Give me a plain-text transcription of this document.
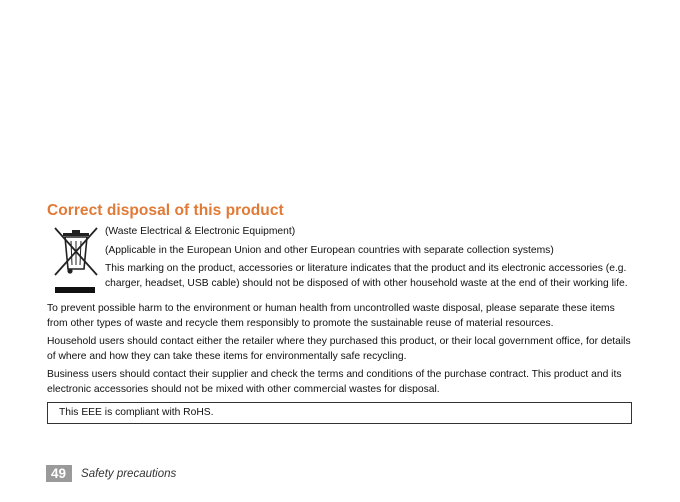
Correct disposal of this product

(Waste Electrical & Electronic Equipment)

(Applicable in the European Union and other European countries with separate collection systems)

This marking on the product, accessories or literature indicates that the product and its electronic accessories (e.g. charger, headset, USB cable) should not be disposed of with other household waste at the end of their working life.

To prevent possible harm to the environment or human health from uncontrolled waste disposal, please separate these items from other types of waste and recycle them responsibly to promote the sustainable reuse of material resources.

Household users should contact either the retailer where they purchased this product, or their local government office, for details of where and how they can take these items for environmentally safe recycling.

Business users should contact their supplier and check the terms and conditions of the purchase contract. This product and its electronic accessories should not be mixed with other commercial wastes for disposal.

This EEE is compliant with RoHS.
49	Safety precautions
